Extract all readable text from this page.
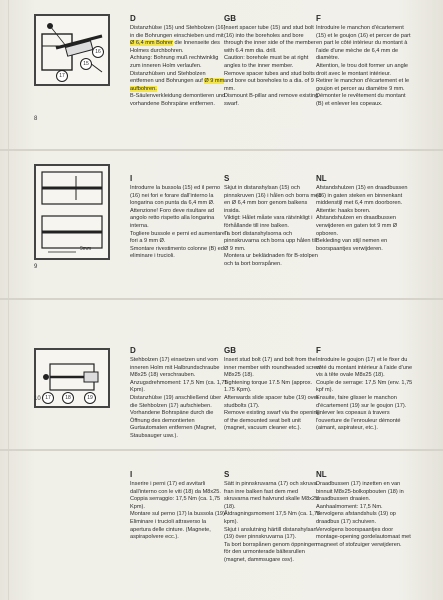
15
16
17
8

D

Distanzhülse (15) und Stehbolzen (16) in die Bohrungen einschieben und mit Ø 6,4 mm Bohrer die Innenseite des Holmes durchbohren.
Achtung: Bohrung muß rechtwinklig zum inneren Holm verlaufen.
Distanzhülsen und Stehbolzen entfernen und Bohrungen auf Ø 9 mm aufbohren.
B-Säulenverkleidung demontieren und vorhandene Bohrspäne entfernen.

GB

Insert spacer tube (15) and stud bolt (16) into the boreholes and bore through the inner side of the member with 6.4 mm dia. drill.
Caution: borehole must be at right angles to the inner member.
Remove spacer tubes and stud bolts and bore out boreholes to a dia. of 9 mm.
Dismount B-pillar and remove existing swarf.

F

Introduire le manchon d'écartement (15) et le goujon (16) et percer de part en part le côté intérieur du montant à l'aide d'une mèche de 6,4 mm de diamètre.
Attention, le trou doit former un angle droit avec le montant intérieur.
Retirer le manchon d'écartement et le goujon et percer au diamètre 9 mm.
Démonter le revêtement du montant (B) et enlever les copeaux.

9mm
9

I

Introdurre la bussola (15) ed il perno (16) nei fori e forare dall'interno la longarina con punta da 6,4 mm Ø.
Attenzione! Foro deve risultare ad angolo retto rispetto alla longarina interna.
Togliere bussole e perni ed aumentare i fori a 9 mm Ø.
Smontare rivestimento colonne (B) ed eliminare i trucioli.

S

Skjut in distanshylsan (15) och pinnskruven (16) i hålen och borra med en Ø 6,4 mm borr genom balkens insida.
Viktigt: Hålet måste vara rätvinkligt i förhållande till inre balken.
Ta bort distanshylsorna och pinnskruvarna och borra upp hålen till Ø 9 mm.
Montera ur beklädnaden för B-stolpen och ta bort borrspånen.

NL

Afstandshulzen (15) en draadbussen (16) in gaten steken en binnenkant middenstijl met 6,4 mm doorboren.
Attentie: haaks boren.
Afstandshulzen en draadbussen verwijderen en gaten tot 9 mm Ø opboren.
Bekleding van stijl nemen en boorspaantjes verwijderen.

17	18	19
10

D

Stehbolzen (17) einsetzen und vom inneren Holm mit Halbrundschraube M8x25 (18) verschrauben.
Anzugsdrehmoment: 17,5 Nm (ca. 1,75 Kpm).
Distanzhülse (19) anschließend über die Stehbolzen (17) aufschieben.
Vorhandene Bohrspäne durch die Öffnung des demontierten Gurtautomaten entfernen (Magnet, Staubsauger usw.).

GB

Insert stud bolt (17) and bolt from the inner member with roundheaded screw M8x25 (18).
Tightening torque 17.5 Nm (approx. 1.75 Kpm).
Afterwards slide spacer tube (19) over studbolts (17).
Remove existing swarf via the opening of the demounted seat belt unit (magnet, vacuum cleaner etc.).

F

Introduire le goujon (17) et le fixer du côté du montant intérieur à l'aide d'une vis à tête ovale M8x25 (18).
Couple de serrage: 17,5 Nm (env. 1,75 kpf m).
Ensuite, faire glisser le manchon d'écartement (19) sur le goujon (17). Enlever les copeaux à travers l'ouverture de l'enrouleur démonté (aimant, aspirateur, etc.).

I

Inserire i perni (17) ed avvitarli dall'interno con le viti (18) da M8x25.
Coppia serraggio: 17,5 Nm (ca. 1,75 Kpm).
Montare sul perno (17) la bussola (19).
Eliminare i trucioli attraverso la apertura delle cinture. (Magnete, aspirapolvere ecc.).

S

Sätt in pinnskruvarna (17) och skruva fran inre balken fast dem med skruvarna med halvrund skalle M8x25 (18).
Åtdragningsmoment 17,5 Nm (ca. 1,75 kpm).
Skjut i anslutning härtill distanshylsan (19) över pinnskruvarna (17).
Ta bort borrspånen genom öppningen för den urmonterade bältesrullen (magnet, dammsugare osv).

NL

Draadbussen (17) inzetten en van binnuit M8x25-bolkopbouten (18) in draadbussen draaien.
Aanhaalmoment: 17,5 Nm.
Vervolgens afstandshuls (19) op draadbus (17) schuiven.
Vervolgens boorspaantjes door montage-opening gordelautomaat met magneet of stofzuiger verwijderen.
